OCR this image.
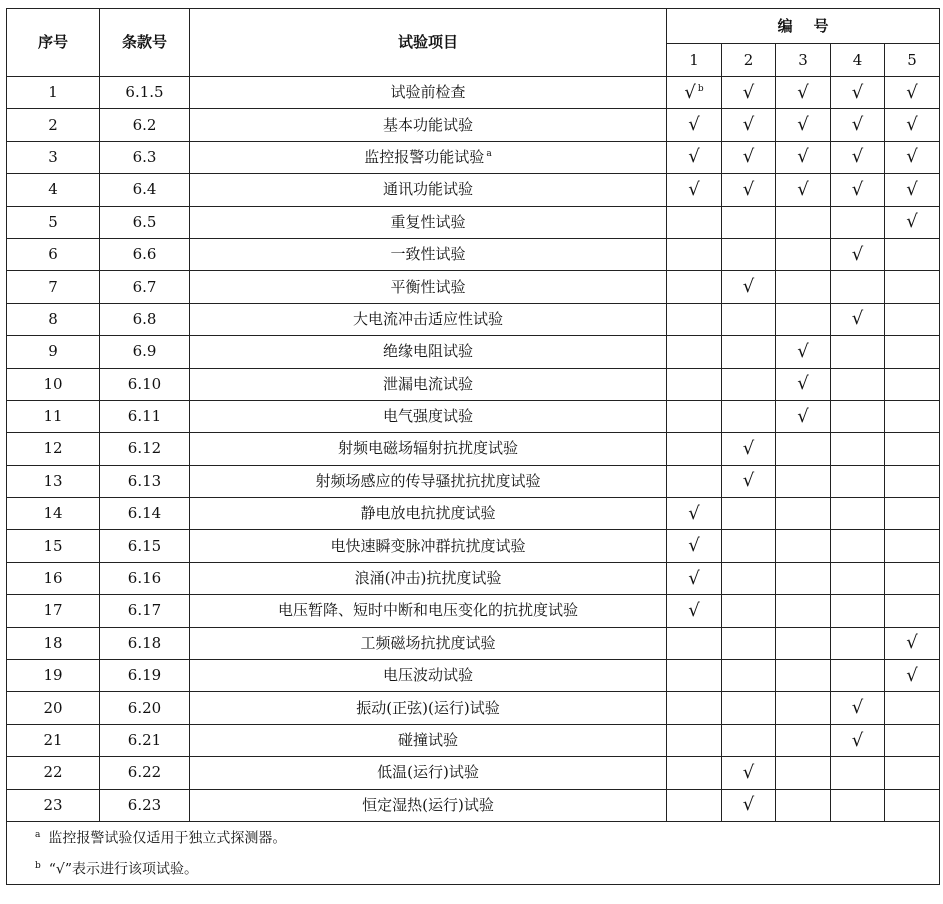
序号	条款号	试验项目	编    号				
			1	2	3	4	5
1	6.1.5	试验前检查	√ $^b$	√	√	√	√
2	6.2	基本功能试验	√	√	√	√	√
3	6.3	监控报警功能试验 $^a$	√	√	√	√	√
4	6.4	通讯功能试验	√	√	√	√	√
5	6.5	重复性试验					√
6	6.6	一致性试验				√	
7	6.7	平衡性试验		√			
8	6.8	大电流冲击适应性试验				√	
9	6.9	绝缘电阻试验			√		
10	6.10	泄漏电流试验			√		
11	6.11	电气强度试验			√		
12	6.12	射频电磁场辐射抗扰度试验		√			
13	6.13	射频场感应的传导骚扰抗扰度试验		√			
14	6.14	静电放电抗扰度试验	√				
15	6.15	电快速瞬变脉冲群抗扰度试验	√				
16	6.16	浪涌(冲击)抗扰度试验	√				
17	6.17	电压暂降、短时中断和电压变化的抗扰度试验	√				
18	6.18	工频磁场抗扰度试验					√
19	6.19	电压波动试验					√
20	6.20	振动(正弦)(运行)试验				√	
21	6.21	碰撞试验				√	
22	6.22	低温(运行)试验		√			
23	6.23	恒定湿热(运行)试验		√			

$^a$ 监控报警试验仅适用于独立式探测器。
$^b$ “√”表示进行该项试验。							
